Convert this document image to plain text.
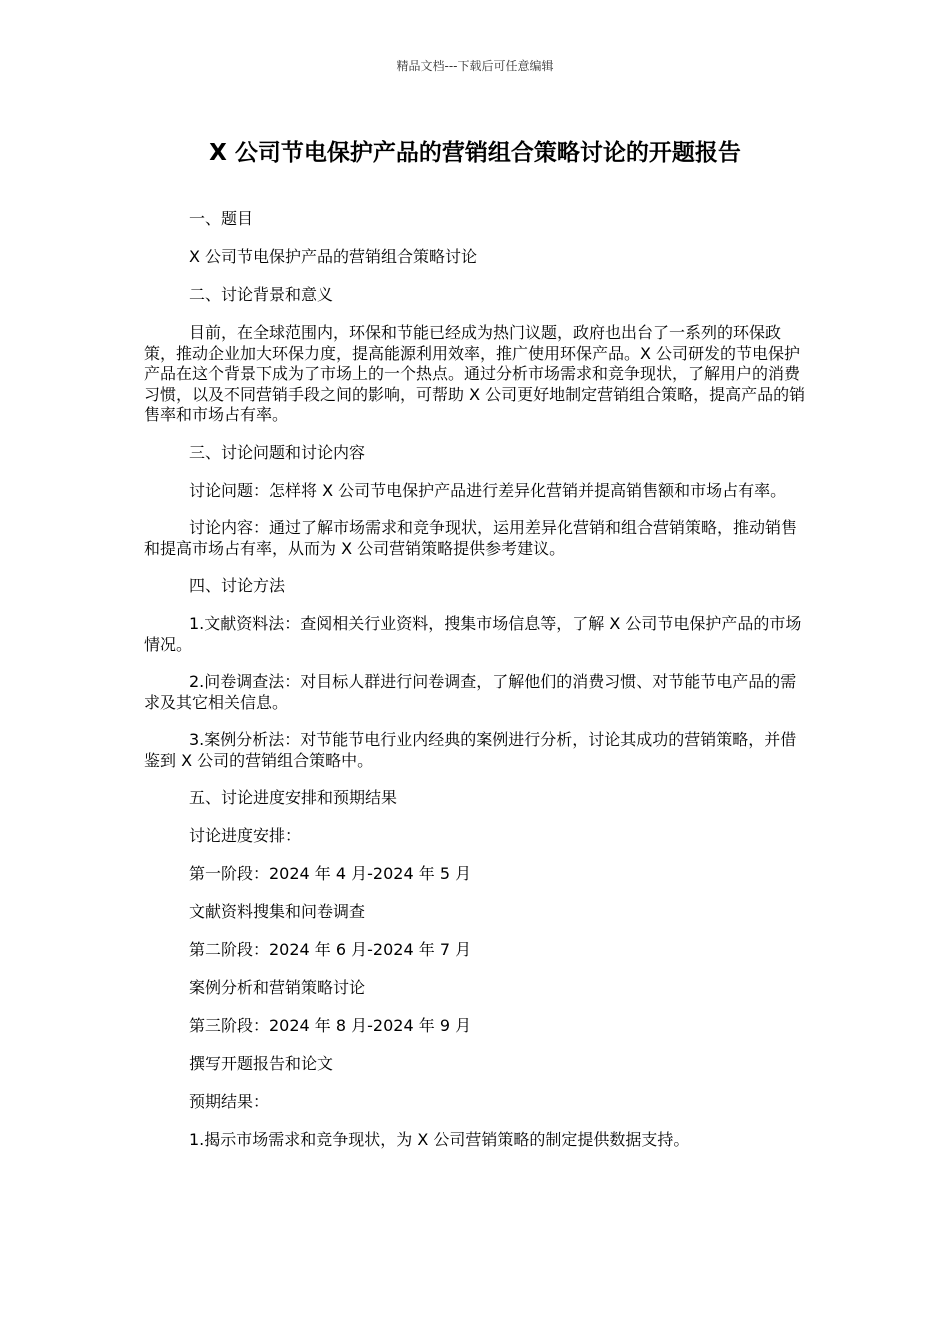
精品文档---下载后可任意编辑
X 公司节电保护产品的营销组合策略讨论的开题报告

一、题目

X 公司节电保护产品的营销组合策略讨论

二、讨论背景和意义

目前，在全球范围内，环保和节能已经成为热门议题，政府也出台了一系列的环保政策，推动企业加大环保力度，提高能源利用效率，推广使用环保产品。X 公司研发的节电保护产品在这个背景下成为了市场上的一个热点。通过分析市场需求和竞争现状，了解用户的消费习惯，以及不同营销手段之间的影响，可帮助 X 公司更好地制定营销组合策略，提高产品的销售率和市场占有率。

三、讨论问题和讨论内容

讨论问题：怎样将 X 公司节电保护产品进行差异化营销并提高销售额和市场占有率。

讨论内容：通过了解市场需求和竞争现状，运用差异化营销和组合营销策略，推动销售和提高市场占有率，从而为 X 公司营销策略提供参考建议。

四、讨论方法

1.文献资料法：查阅相关行业资料，搜集市场信息等，了解 X 公司节电保护产品的市场情况。

2.问卷调查法：对目标人群进行问卷调查，了解他们的消费习惯、对节能节电产品的需求及其它相关信息。

3.案例分析法：对节能节电行业内经典的案例进行分析，讨论其成功的营销策略，并借鉴到 X 公司的营销组合策略中。

五、讨论进度安排和预期结果

讨论进度安排：

第一阶段：2024 年 4 月-2024 年 5 月

文献资料搜集和问卷调查

第二阶段：2024 年 6 月-2024 年 7 月

案例分析和营销策略讨论

第三阶段：2024 年 8 月-2024 年 9 月

撰写开题报告和论文

预期结果：

1.揭示市场需求和竞争现状，为 X 公司营销策略的制定提供数据支持。
